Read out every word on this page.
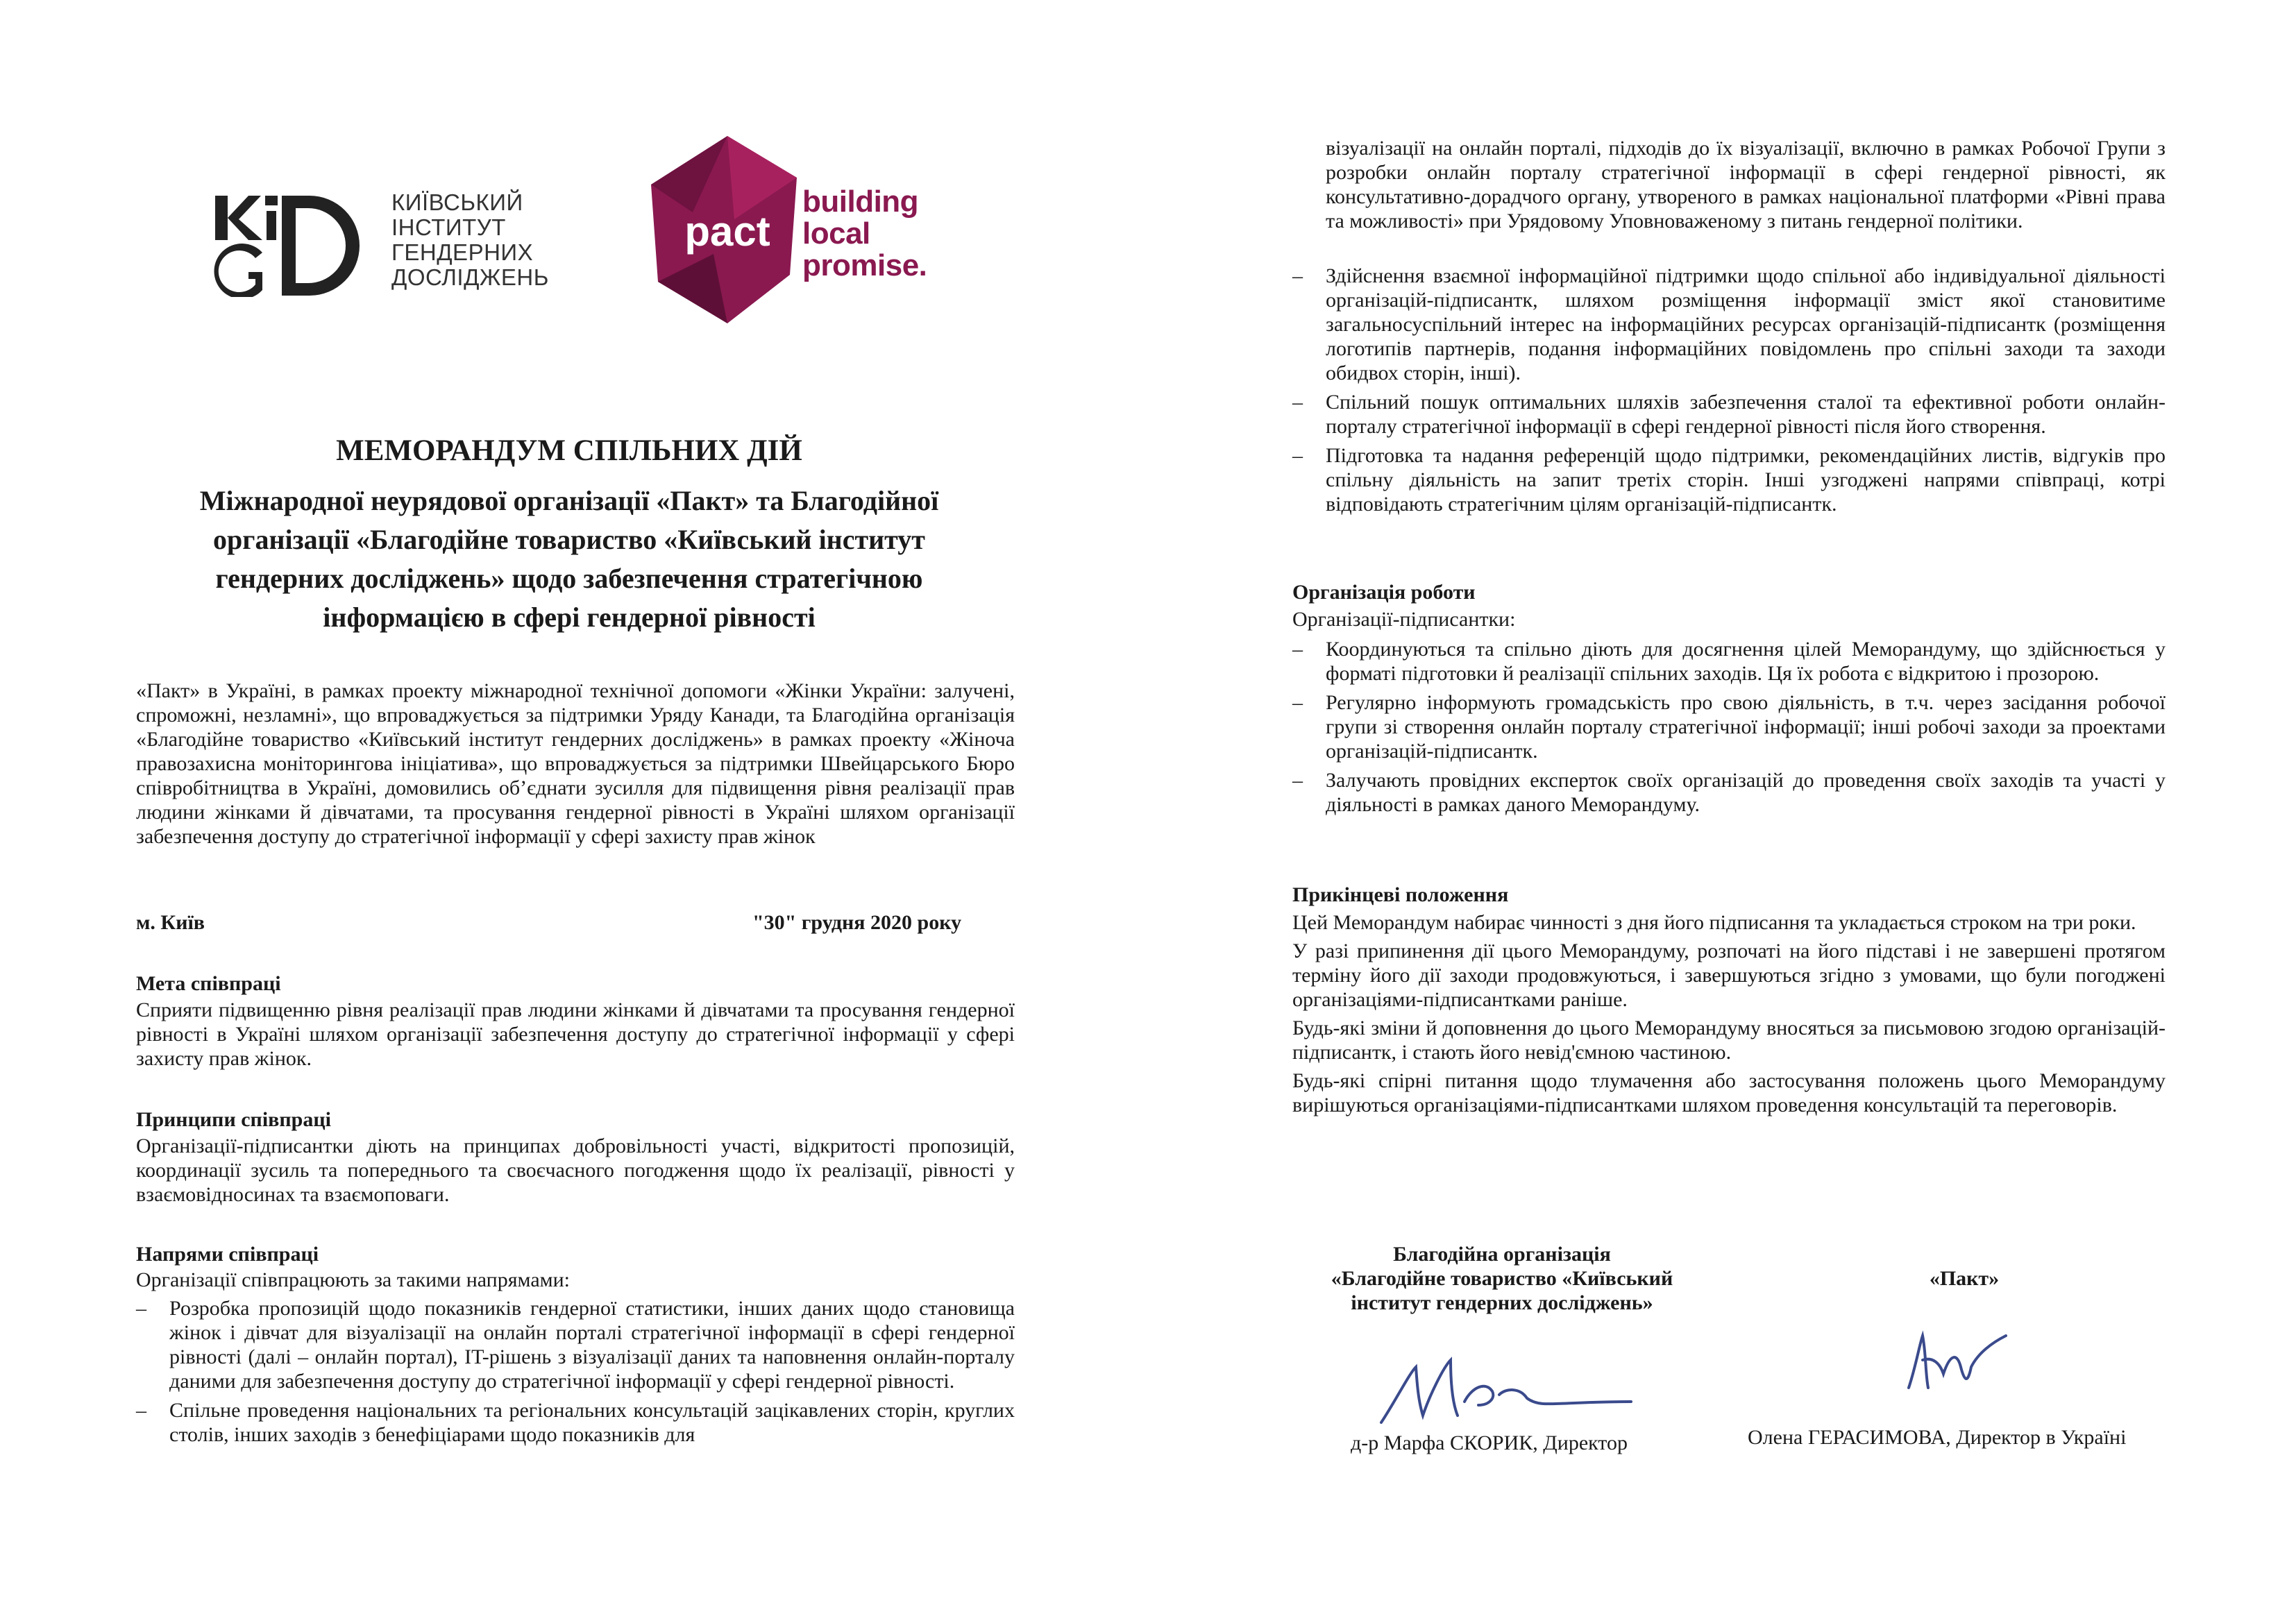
КИЇВСЬКИЙ
ІНСТИТУТ
ГЕНДЕРНИХ
ДОСЛІДЖЕНЬ
pact
building
local
promise.
МЕМОРАНДУМ СПІЛЬНИХ ДІЙ
Міжнародної неурядової організації «Пакт» та Благодійної
організації «Благодійне товариство «Київський інститут
гендерних досліджень» щодо забезпечення стратегічною
інформацією в сфері гендерної рівності
«Пакт» в Україні, в рамках проекту міжнародної технічної допомоги «Жінки України: залучені, спроможні, незламні», що впроваджується за підтримки Уряду Канади, та Благодійна організація «Благодійне товариство «Київський інститут гендерних досліджень» в рамках проекту «Жіноча правозахисна моніторингова ініціатива», що впроваджується за підтримки Швейцарського Бюро співробітництва в Україні, домовились об’єднати зусилля для підвищення рівня реалізації прав людини жінками й дівчатами, та просування гендерної рівності в Україні шляхом організації забезпечення доступу до стратегічної інформації у сфері захисту прав жінок
м. Київ	"30" грудня 2020 року
Мета співпраці
Сприяти підвищенню рівня реалізації прав людини жінками й дівчатами та просування гендерної рівності в Україні шляхом організації забезпечення доступу до стратегічної інформації у сфері захисту прав жінок.
Принципи співпраці
Організації-підписантки діють на принципах добровільності участі, відкритості пропозицій, координації зусиль та попереднього та своєчасного погодження щодо їх реалізації, рівності у взаємовідносинах та взаємоповаги.
Напрями співпраці
Організації співпрацюють за такими напрямами:
– Розробка пропозицій щодо показників гендерної статистики, інших даних щодо становища жінок і дівчат для візуалізації на онлайн порталі стратегічної інформації в сфері гендерної рівності (далі – онлайн портал), IT-рішень з візуалізації даних та наповнення онлайн-порталу даними для забезпечення доступу до стратегічної інформації у сфері гендерної рівності.
– Спільне проведення національних та регіональних консультацій зацікавлених сторін, круглих столів, інших заходів з бенефіціарами щодо показників для
візуалізації на онлайн порталі, підходів до їх візуалізації, включно в рамках Робочої Групи з розробки онлайн порталу стратегічної інформації в сфері гендерної рівності, як консультативно-дорадчого органу, утвореного в рамках національної платформи «Рівні права та можливості» при Урядовому Уповноваженому з питань гендерної політики.
– Здійснення взаємної інформаційної підтримки щодо спільної або індивідуальної діяльності організацій-підписантк, шляхом розміщення інформації зміст якої становитиме загальносуспільний інтерес на інформаційних ресурсах організацій-підписантк (розміщення логотипів партнерів, подання інформаційних повідомлень про спільні заходи та заходи обидвох сторін, інші).
– Спільний пошук оптимальних шляхів забезпечення сталої та ефективної роботи онлайн-порталу стратегічної інформації в сфері гендерної рівності після його створення.
– Підготовка та надання референцій щодо підтримки, рекомендаційних листів, відгуків про спільну діяльність на запит третіх сторін. Інші узгоджені напрями співпраці, котрі відповідають стратегічним цілям організацій-підписантк.
Організація роботи
Організації-підписантки:
– Координуються та спільно діють для досягнення цілей Меморандуму, що здійснюється у форматі підготовки й реалізації спільних заходів. Ця їх робота є відкритою і прозорою.
– Регулярно інформують громадськість про свою діяльність, в т.ч. через засідання робочої групи зі створення онлайн порталу стратегічної інформації; інші робочі заходи за проектами організацій-підписантк.
– Залучають провідних експерток своїх організацій до проведення своїх заходів та участі у діяльності в рамках даного Меморандуму.
Прикінцеві положення

Цей Меморандум набирає чинності з дня його підписання та укладається строком на три роки.

У разі припинення дії цього Меморандуму, розпочаті на його підставі і не завершені протягом терміну його дії заходи продовжуються, і завершуються згідно з умовами, що були погоджені організаціями-підписантками раніше.

Будь-які зміни й доповнення до цього Меморандуму вносяться за письмовою згодою організацій-підписантк, і стають його невід'ємною частиною.

Будь-які спірні питання щодо тлумачення або застосування положень цього Меморандуму вирішуються організаціями-підписантками шляхом проведення консультацій та переговорів.

Благодійна організація
«Благодійне товариство «Київський
інститут гендерних досліджень»
«Пакт»
д-р Марфа СКОРИК, Директор	Олена ГЕРАСИМОВА, Директор в Україні
